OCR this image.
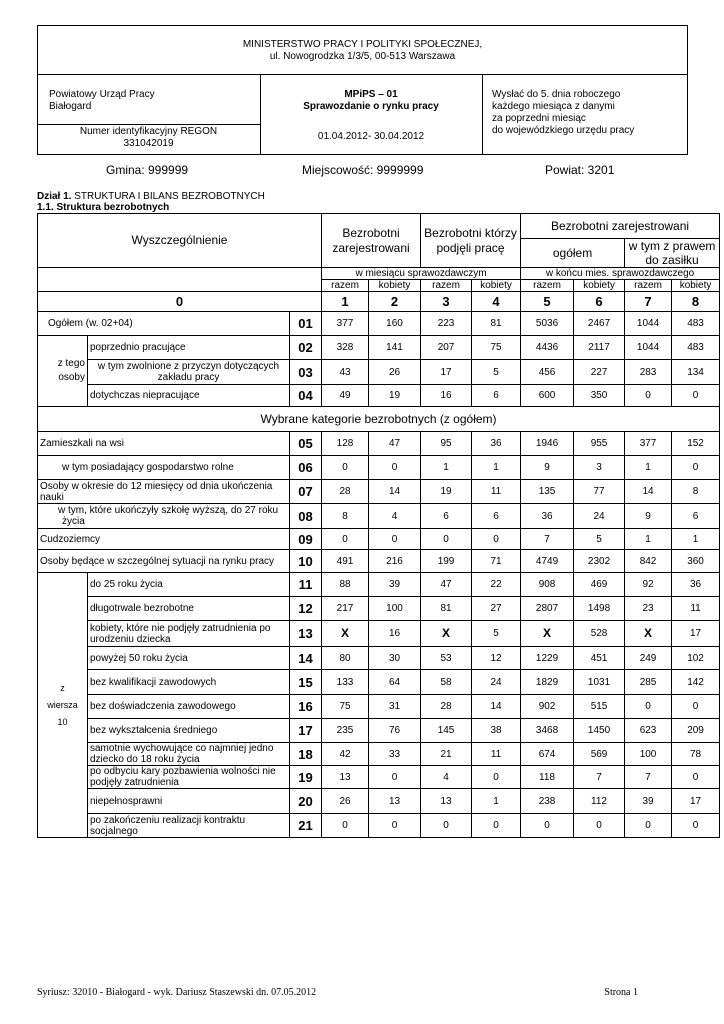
MINISTERSTWO PRACY I POLITYKI SPOŁECZNEJ,
ul. Nowogrodzka 1/3/5, 00-513 Warszawa
Powiatowy Urząd Pracy
Białogard
MPiPS – 01
Sprawozdanie o rynku pracy
Wysłać do 5. dnia roboczego
każdego miesiąca z danymi
za poprzedni miesiąc
do wojewódzkiego urzędu pracy
Numer identyfikacyjny REGON
331042019
01.04.2012- 30.04.2012
Gmina: 999999	Miejscowość: 9999999	Powiat: 3201
Dział 1. STRUKTURA I BILANS BEZROBOTNYCH
1.1. Struktura bezrobotnych
Wyszczególnienie			Bezrobotni zarejestrowani		Bezrobotni którzy podjęli pracę		Bezrobotni zarejestrowani			
							ogółem		w tym z prawem do zasiłku	
			w miesiącu sprawozdawczym				w końcu mies. sprawozdawczego			
			razem	kobiety	razem	kobiety	razem	kobiety	razem	kobiety
0			1	2	3	4	5	6	7	8
Ogółem (w. 02+04)		01	377	160	223	81	5036	2467	1044	483
z tego osoby	poprzednio pracujące	02	328	141	207	75	4436	2117	1044	483
	w tym zwolnione z przyczyn dotyczących zakładu pracy	03	43	26	17	5	456	227	283	134
	dotychczas niepracujące	04	49	19	16	6	600	350	0	0
Wybrane kategorie bezrobotnych (z ogółem)										
Zamieszkali na wsi		05	128	47	95	36	1946	955	377	152
w tym posiadający gospodarstwo rolne		06	0	0	1	1	9	3	1	0
Osoby w okresie do 12 miesięcy od dnia ukończenia nauki		07	28	14	19	11	135	77	14	8
w tym, które ukończyły szkołę wyższą, do 27 roku życia		08	8	4	6	6	36	24	9	6
Cudzoziemcy		09	0	0	0	0	7	5	1	1
Osoby będące w szczególnej sytuacji na rynku pracy		10	491	216	199	71	4749	2302	842	360

z
wiersza
10	do 25 roku życia	11	88	39	47	22	908	469	92	36
	długotrwale bezrobotne	12	217	100	81	27	2807	1498	23	11
	kobiety, które nie podjęły zatrudnienia po urodzeniu dziecka	13	X	16	X	5	X	528	X	17
	powyżej 50 roku życia	14	80	30	53	12	1229	451	249	102
	bez kwalifikacji zawodowych	15	133	64	58	24	1829	1031	285	142
	bez doświadczenia zawodowego	16	75	31	28	14	902	515	0	0
	bez wykształcenia średniego	17	235	76	145	38	3468	1450	623	209
	samotnie wychowujące co najmniej jedno dziecko do 18 roku życia	18	42	33	21	11	674	569	100	78
	po odbyciu kary pozbawienia wolności nie podjęły zatrudnienia	19	13	0	4	0	118	7	7	0
	niepełnosprawni	20	26	13	13	1	238	112	39	17
	po zakończeniu realizacji kontraktu socjalnego	21	0	0	0	0	0	0	0	0
Syriusz: 32010 - Białogard - wyk. Dariusz Staszewski dn. 07.05.2012	Strona 1
